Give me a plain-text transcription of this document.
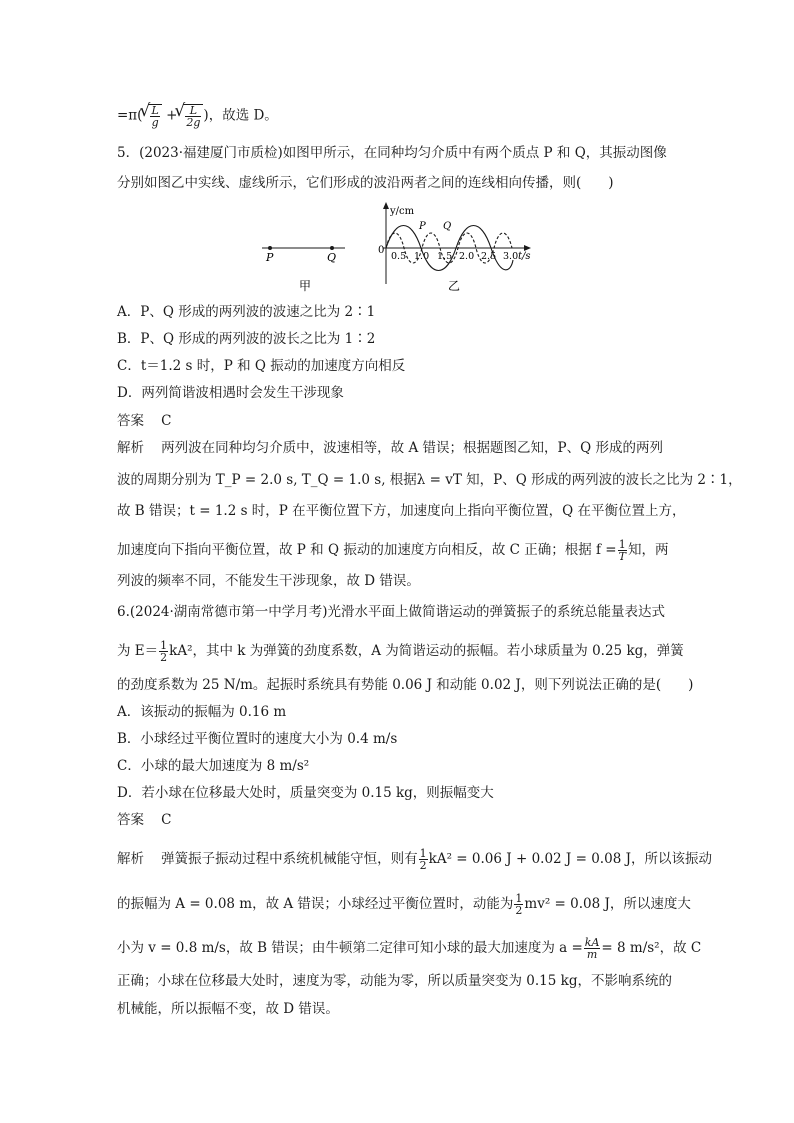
=π( √ $\frac{L}{g}$ + √ $\frac{L}{2g}$ )，故选 D。
5．(2023·福建厦门市质检)如图甲所示，在同种均匀介质中有两个质点 P 和 Q，其振动图像
分别如图乙中实线、虚线所示，它们形成的波沿两者之间的连线相向传播，则(　　)
P	Q
甲
y/cm
t/s
0
0.5 1.0 1.5 2.0 2.5 3.0
P Q
乙
A．P、Q 形成的两列波的波速之比为 2∶1
B．P、Q 形成的两列波的波长之比为 1∶2
C．t＝1.2 s 时，P 和 Q 振动的加速度方向相反
D．两列简谐波相遇时会发生干涉现象
答案 C
解析 两列波在同种均匀介质中，波速相等，故 A 错误；根据题图乙知，P、Q 形成的两列
波的周期分别为 T_P = 2.0 s, T_Q = 1.0 s, 根据λ = vT 知，P、Q 形成的两列波的波长之比为 2∶1，
故 B 错误；t = 1.2 s 时，P 在平衡位置下方，加速度向上指向平衡位置，Q 在平衡位置上方，
加速度向下指向平衡位置，故 P 和 Q 振动的加速度方向相反，故 C 正确；根据 $f = \frac{1}{T}$ 知，两
列波的频率不同，不能发生干涉现象，故 D 错误。
6.(2024·湖南常德市第一中学月考)光滑水平面上做简谐运动的弹簧振子的系统总能量表达式
为 $E= \frac{1}{2} kA^2$，其中 k 为弹簧的劲度系数，A 为简谐运动的振幅。若小球质量为 0.25 kg，弹簧
的劲度系数为 25 N/m。起振时系统具有势能 0.06 J 和动能 0.02 J，则下列说法正确的是(　　)
A．该振动的振幅为 0.16 m
B．小球经过平衡位置时的速度大小为 0.4 m/s
C．小球的最大加速度为 8 m/s²
D．若小球在位移最大处时，质量突变为 0.15 kg，则振幅变大
答案 C
解析 弹簧振子振动过程中系统机械能守恒，则有 $\frac{1}{2} kA^2 = 0.06$ J + 0.02 J = 0.08 J，所以该振动
的振幅为 A = 0.08 m，故 A 错误；小球经过平衡位置时，动能为 $\frac{1}{2} mv^2 = 0.08$ J，所以速度大
小为 v = 0.8 m/s，故 B 错误；由牛顿第二定律可知小球的最大加速度为 $a = \frac{kA}{m} = 8$ m/s²，故 C
正确；小球在位移最大处时，速度为零，动能为零，所以质量突变为 0.15 kg，不影响系统的
机械能，所以振幅不变，故 D 错误。
